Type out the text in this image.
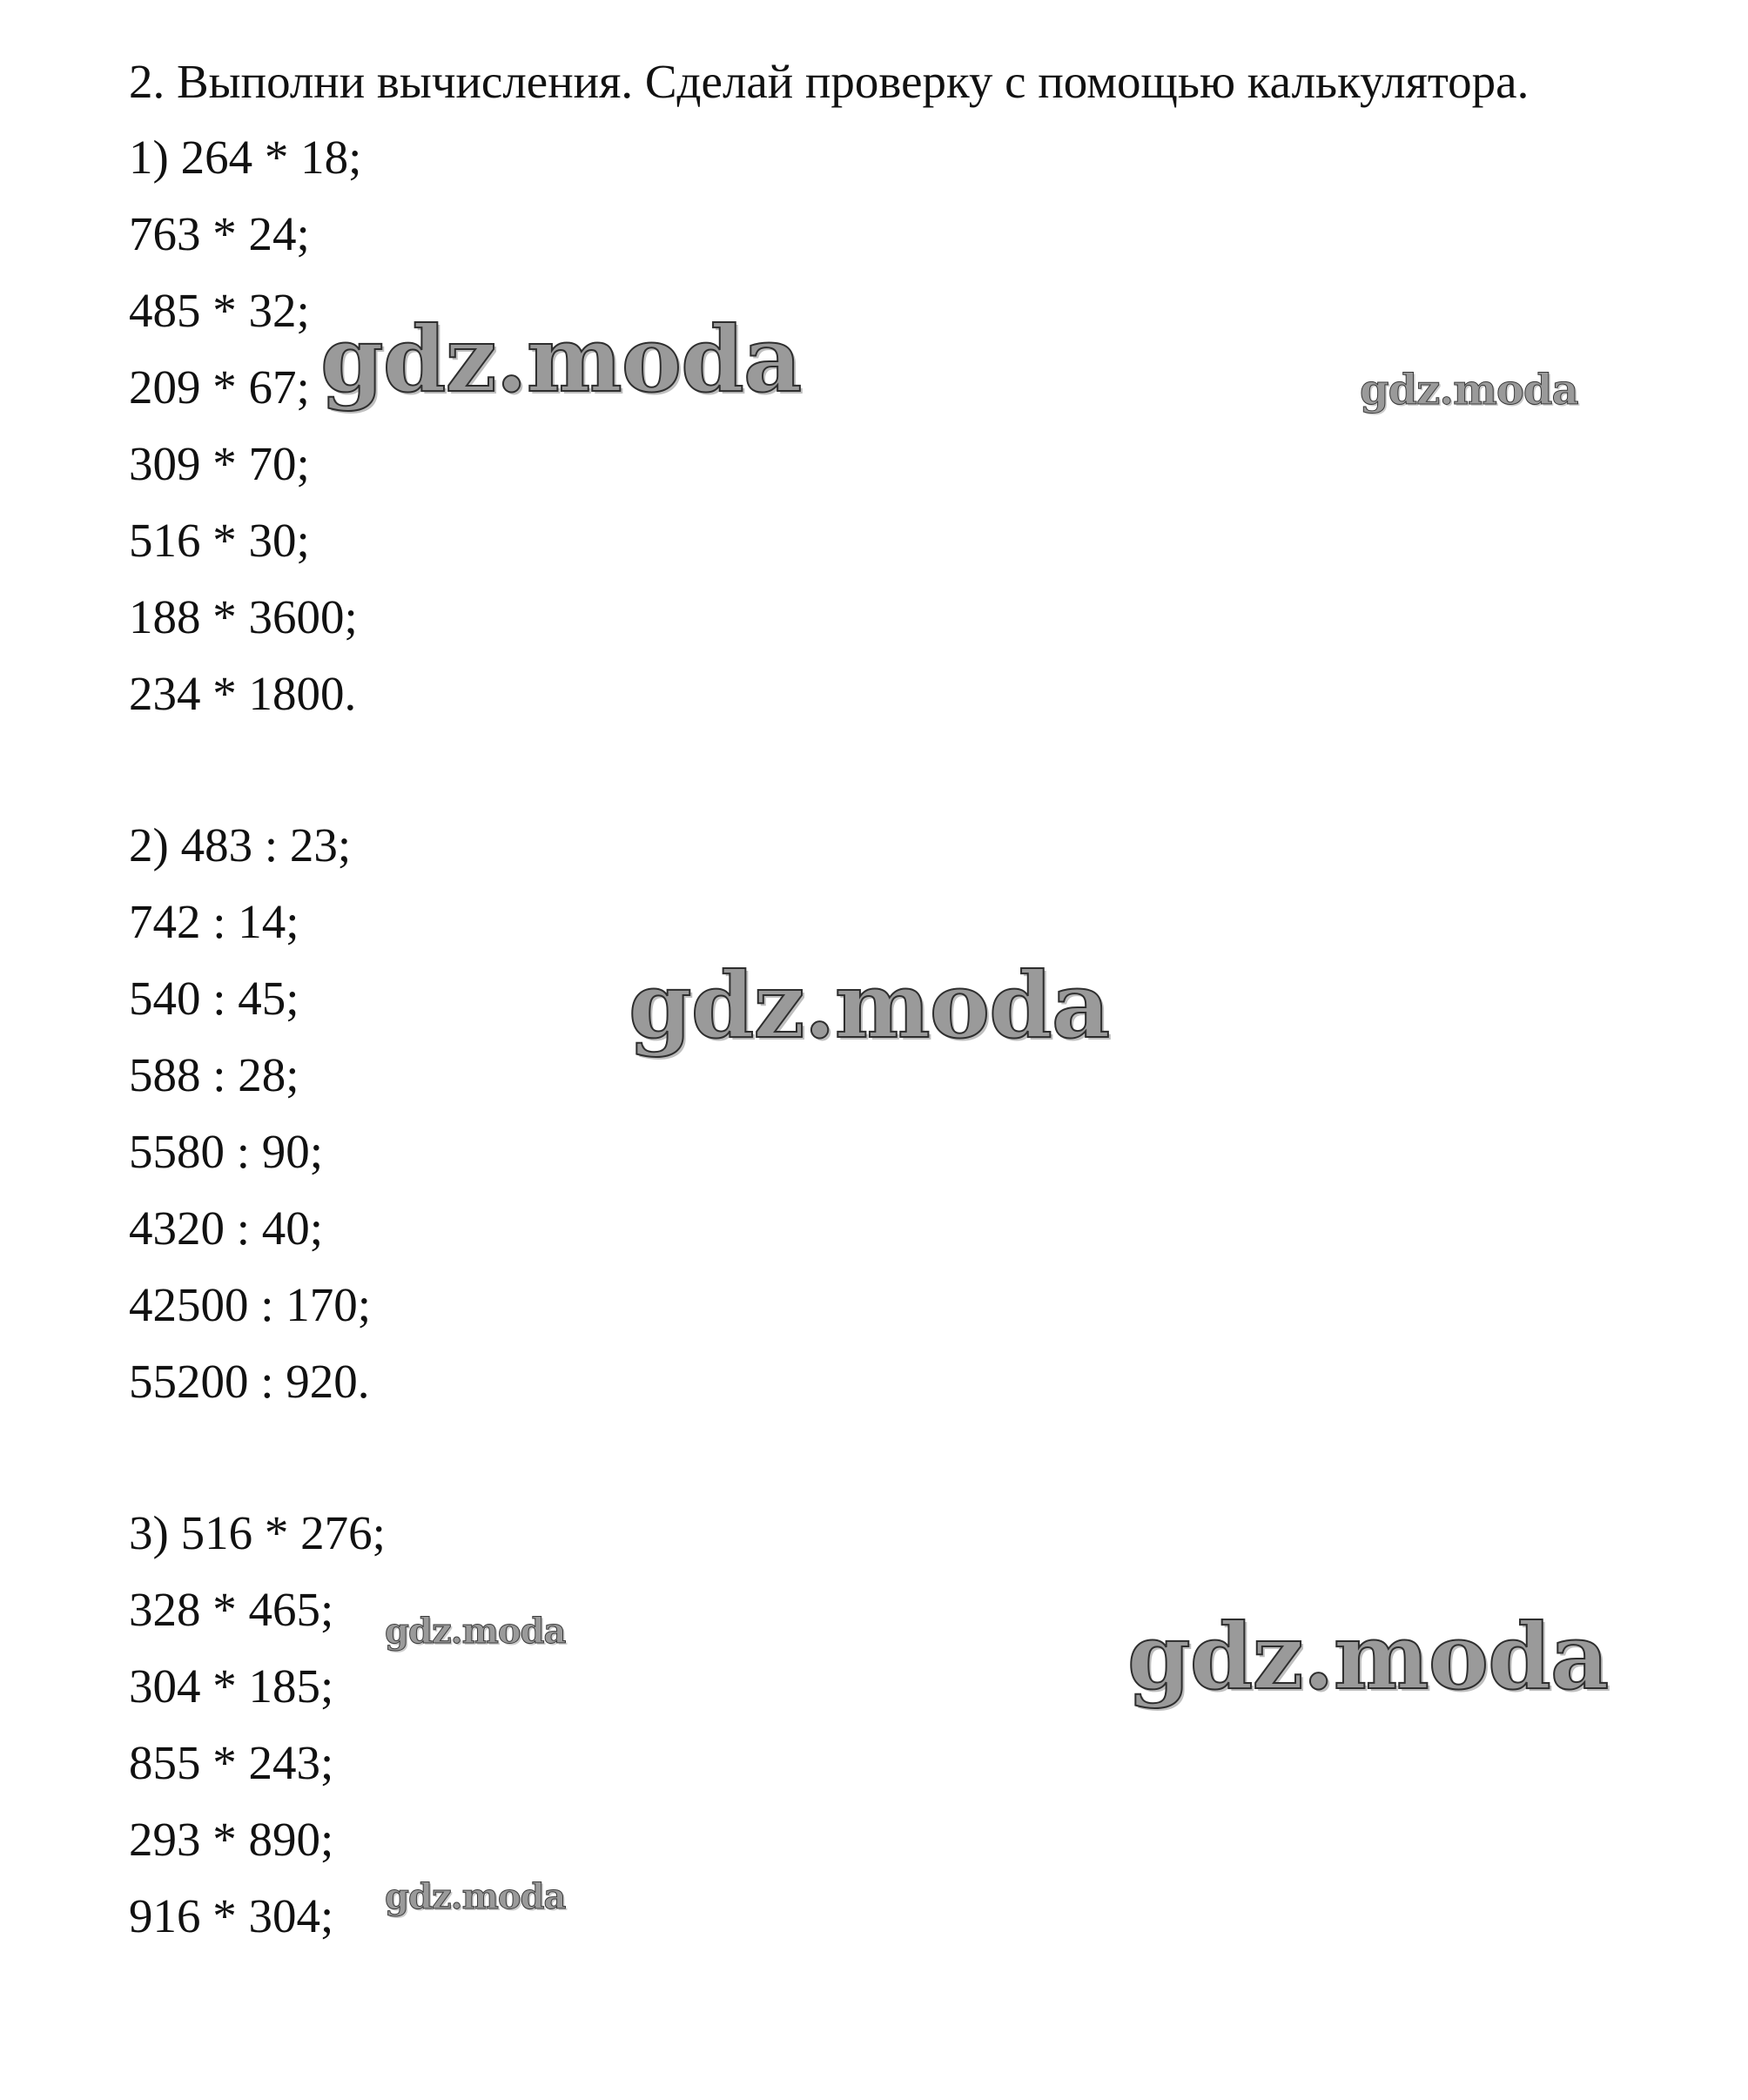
2. Выполни вычисления. Сделай проверку с помощью калькулятора.
1) 264 * 18;
763 * 24;
485 * 32;
209 * 67;
309 * 70;
516 * 30;
188 * 3600;
234 * 1800.
2) 483 : 23;
742 : 14;
540 : 45;
588 : 28;
5580 : 90;
4320 : 40;
42500 : 170;
55200 : 920.
3) 516 * 276;
328 * 465;
304 * 185;
855 * 243;
293 * 890;
916 * 304;
gdz.moda	gdz.moda
gdz.moda
gdz.moda	gdz.moda
gdz.moda
